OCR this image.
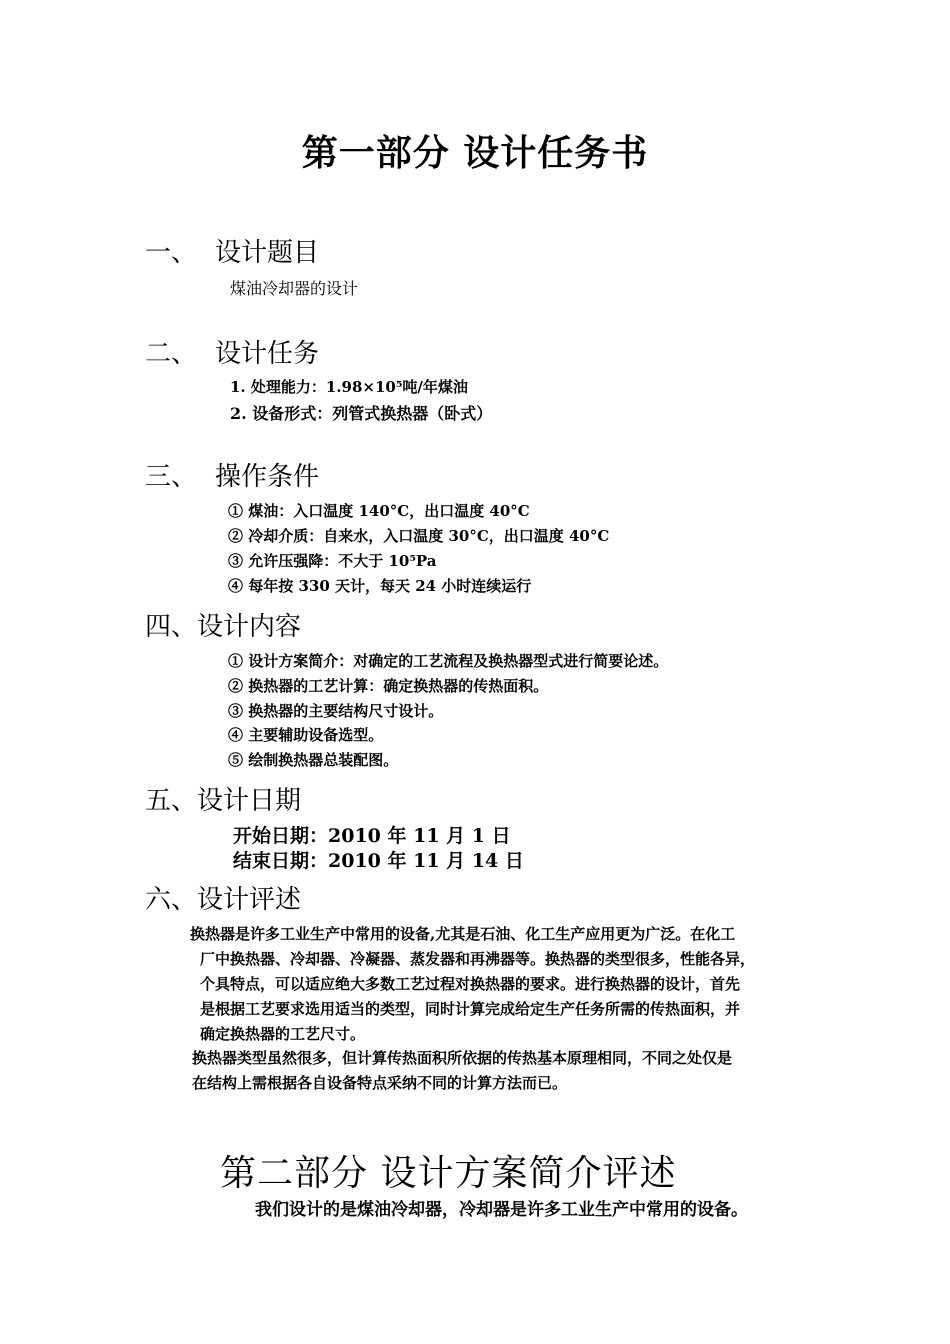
第一部分 设计任务书
一、 设计题目
煤油冷却器的设计
二、 设计任务
1. 处理能力：1.98×10⁵吨/年煤油
2. 设备形式：列管式换热器（卧式）
三、 操作条件
① 煤油：入口温度 140°C，出口温度 40°C
② 冷却介质：自来水，入口温度 30°C，出口温度 40°C
③ 允许压强降：不大于 10⁵Pa
④ 每年按 330 天计，每天 24 小时连续运行
四、设计内容
① 设计方案简介：对确定的工艺流程及换热器型式进行简要论述。
② 换热器的工艺计算：确定换热器的传热面积。
③ 换热器的主要结构尺寸设计。
④ 主要辅助设备选型。
⑤ 绘制换热器总装配图。
五、设计日期
开始日期：2010 年 11 月 1 日
结束日期：2010 年 11 月 14 日
六、设计评述
换热器是许多工业生产中常用的设备,尤其是石油、化工生产应用更为广泛。在化工
厂中换热器、冷却器、冷凝器、蒸发器和再沸器等。换热器的类型很多，性能各异，
个具特点，可以适应绝大多数工艺过程对换热器的要求。进行换热器的设计，首先
是根据工艺要求选用适当的类型，同时计算完成给定生产任务所需的传热面积，并
确定换热器的工艺尺寸。
换热器类型虽然很多，但计算传热面积所依据的传热基本原理相同，不同之处仅是
在结构上需根据各自设备特点采纳不同的计算方法而已。
第二部分 设计方案简介评述
我们设计的是煤油冷却器，冷却器是许多工业生产中常用的设备。
